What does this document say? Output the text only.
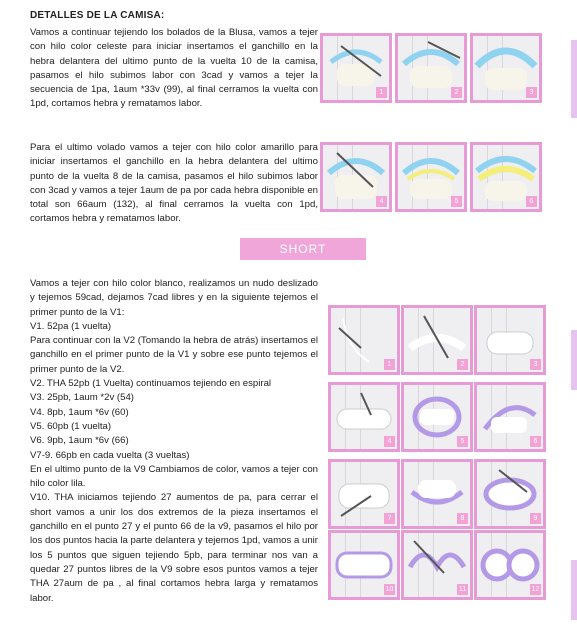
DETALLES DE LA CAMISA:

Vamos a continuar tejiendo los bolados de la Blusa, vamos a tejer con hilo color celeste para iniciar insertamos el ganchillo en la hebra delantera del ultimo punto de la vuelta 10 de la camisa, pasamos el hilo subimos labor con 3cad y vamos a tejer la secuencia de 1pa, 1aum *33v (99), al final cerramos la vuelta con 1pd, cortamos hebra y rematamos labor.

Para el ultimo volado vamos a tejer con hilo color amarillo para iniciar insertamos el ganchillo en la hebra delantera del ultimo punto de la vuelta 8 de la camisa, pasamos el hilo subimos labor con 3cad y vamos a tejer 1aum de pa por cada hebra disponible en total son 66aum (132), al final cerramos la vuelta con 1pd, cortamos hebra y rematamos labor.

SHORT

Vamos a tejer con hilo color blanco, realizamos un nudo deslizado y tejemos 59cad, dejamos 7cad libres y en la siguiente tejemos el primer punto de la V1:

V1. 52pa (1 vuelta)

Para continuar con la V2 (Tomando la hebra de atrás) insertamos el ganchillo en el primer punto de la V1 y sobre ese punto tejemos el primer punto de la V2.

V2. THA 52pb (1 Vuelta) continuamos tejiendo en espiral

V3. 25pb, 1aum *2v (54)

V4. 8pb, 1aum *6v (60)

V5. 60pb (1 vuelta)

V6. 9pb, 1aum *6v (66)

V7-9. 66pb en cada vuelta (3 vueltas)

En el ultimo punto de la V9 Cambiamos de color, vamos a tejer con hilo color lila.

V10. THA iniciamos tejiendo 27 aumentos de pa, para cerrar el short vamos a unir los dos extremos de la pieza insertamos el ganchillo en el punto 27 y el punto 66 de la v9, pasamos el hilo por los dos puntos hacia la parte delantera y tejemos 1pd, vamos a unir los 5 puntos que siguen tejiendo 5pb, para terminar nos van a quedar 27 puntos libres de la V9 sobre esos puntos vamos a tejer THA 27aum de pa , al final cortamos hebra larga y rematamos labor.

1	2	3
4	5	6
1	2	3
4	5	6
7	8	9
10	11	12
